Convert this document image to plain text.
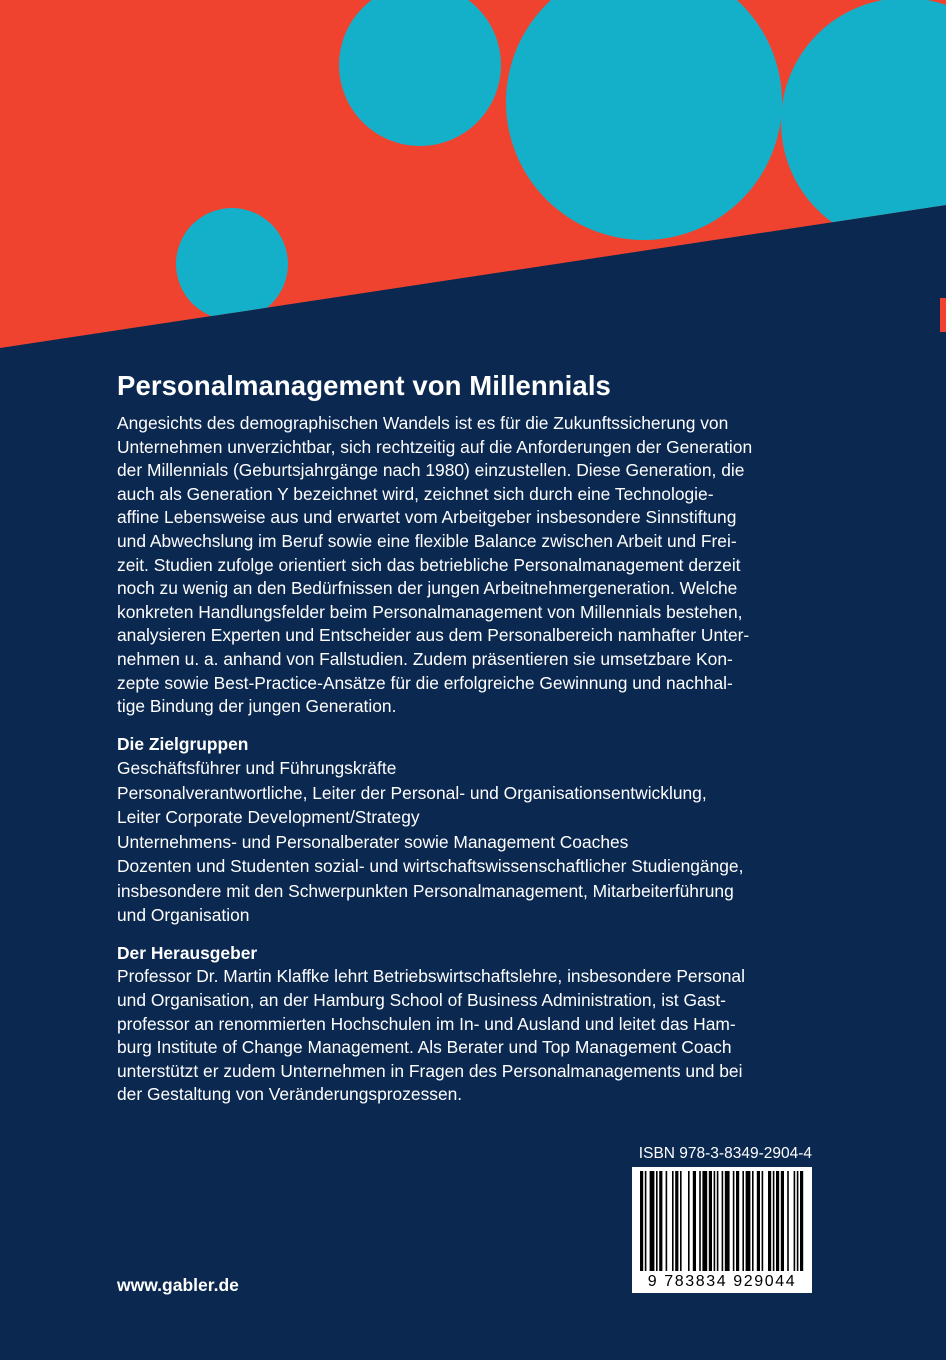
Personalmanagement von Millennials

Angesichts des demographischen Wandels ist es für die Zukunftssicherung von
Unternehmen unverzichtbar, sich rechtzeitig auf die Anforderungen der Generation
der Millennials (Geburtsjahrgänge nach 1980) einzustellen. Diese Generation, die
auch als Generation Y bezeichnet wird, zeichnet sich durch eine Technologie-
affine Lebensweise aus und erwartet vom Arbeitgeber insbesondere Sinnstiftung
und Abwechslung im Beruf sowie eine flexible Balance zwischen Arbeit und Frei-
zeit. Studien zufolge orientiert sich das betriebliche Personalmanagement derzeit
noch zu wenig an den Bedürfnissen der jungen Arbeitnehmergeneration. Welche
konkreten Handlungsfelder beim Personalmanagement von Millennials bestehen,
analysieren Experten und Entscheider aus dem Personalbereich namhafter Unter-
nehmen u. a. anhand von Fallstudien. Zudem präsentieren sie umsetzbare Kon-
zepte sowie Best-Practice-Ansätze für die erfolgreiche Gewinnung und nachhal-
tige Bindung der jungen Generation.

Die Zielgruppen
Geschäftsführer und Führungskräfte
Personalverantwortliche, Leiter der Personal- und Organisationsentwicklung,
Leiter Corporate Development/Strategy
Unternehmens- und Personalberater sowie Management Coaches
Dozenten und Studenten sozial- und wirtschaftswissenschaftlicher Studiengänge,
insbesondere mit den Schwerpunkten Personalmanagement, Mitarbeiterführung
und Organisation
Der Herausgeber

Professor Dr. Martin Klaffke lehrt Betriebswirtschaftslehre, insbesondere Personal
und Organisation, an der Hamburg School of Business Administration, ist Gast-
professor an renommierten Hochschulen im In- und Ausland und leitet das Ham-
burg Institute of Change Management. Als Berater und Top Management Coach
unterstützt er zudem Unternehmen in Fragen des Personalmanagements und bei
der Gestaltung von Veränderungsprozessen.

ISBN 978-3-8349-2904-4
9 783834 929044
www.gabler.de
